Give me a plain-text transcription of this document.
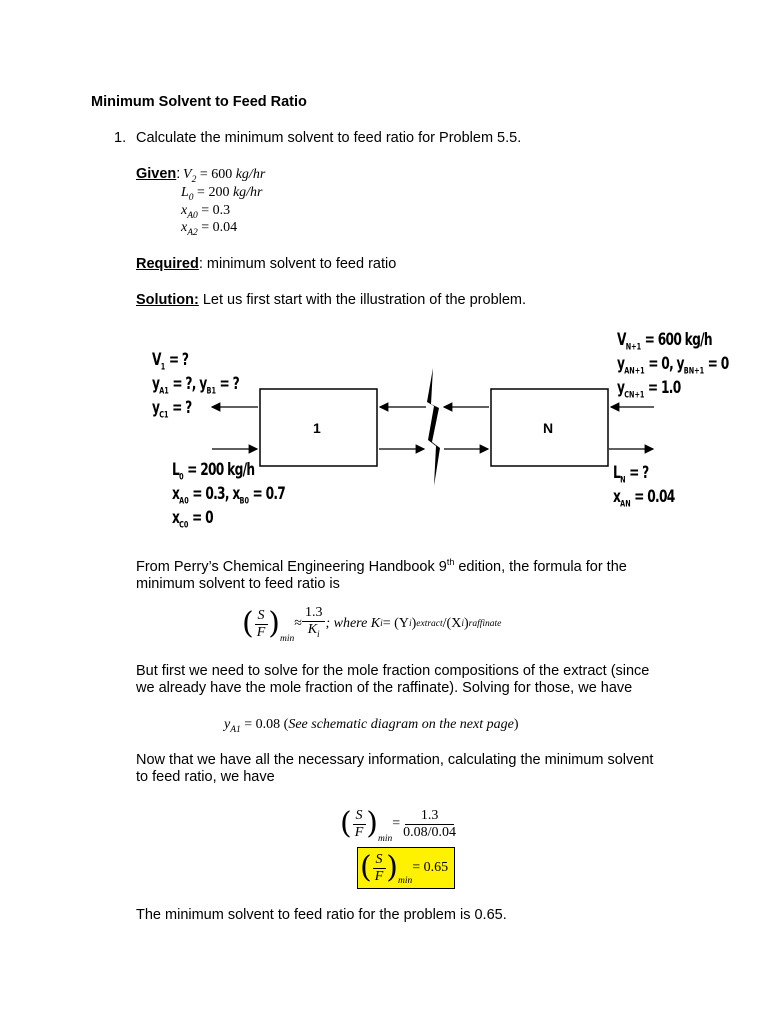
Minimum Solvent to Feed Ratio
1. Calculate the minimum solvent to feed ratio for Problem 5.5.
Given: $V_2 = 600$ kg/hr
$L_0 = 200$ kg/hr
$x_{A0} = 0.3$
$x_{A2} = 0.04$
Required: minimum solvent to feed ratio
Solution: Let us first start with the illustration of the problem.
$V_1$ = ?
$y_{A1}$ = ?, $y_{B1}$ = ?
$y_{C1}$ = ?
$L_0 = 200$ kg/h
$x_{A0} = 0.3$, $x_{B0} = 0.7$
$x_{C0} = 0$
$V_{N+1} = 600$ kg/h
$y_{AN+1} = 0$, $y_{BN+1} = 0$
$y_{CN+1} = 1.0$
$L_N$ = ?
$x_{AN} = 0.04$
1	N
From Perry’s Chemical Engineering Handbook 9th edition, the formula for the
minimum solvent to feed ratio is
( $\frac{S}{F} )_{min}$
≈ $\frac{1.3}{K_i}$ ; where K i = (Y i ) extract /(X i ) raffinate
But first we need to solve for the mole fraction compositions of the extract (since
we already have the mole fraction of the raffinate). Solving for those, we have
$y_{A1} = 0.08$ (See schematic diagram on the next page)
Now that we have all the necessary information, calculating the minimum solvent
to feed ratio, we have
( $\frac{S}{F} )_{min}$
= $\frac{1.3}{0.08/0.04}$
( $\frac{S}{F} )_{min}$
= 0.65
The minimum solvent to feed ratio for the problem is 0.65.
